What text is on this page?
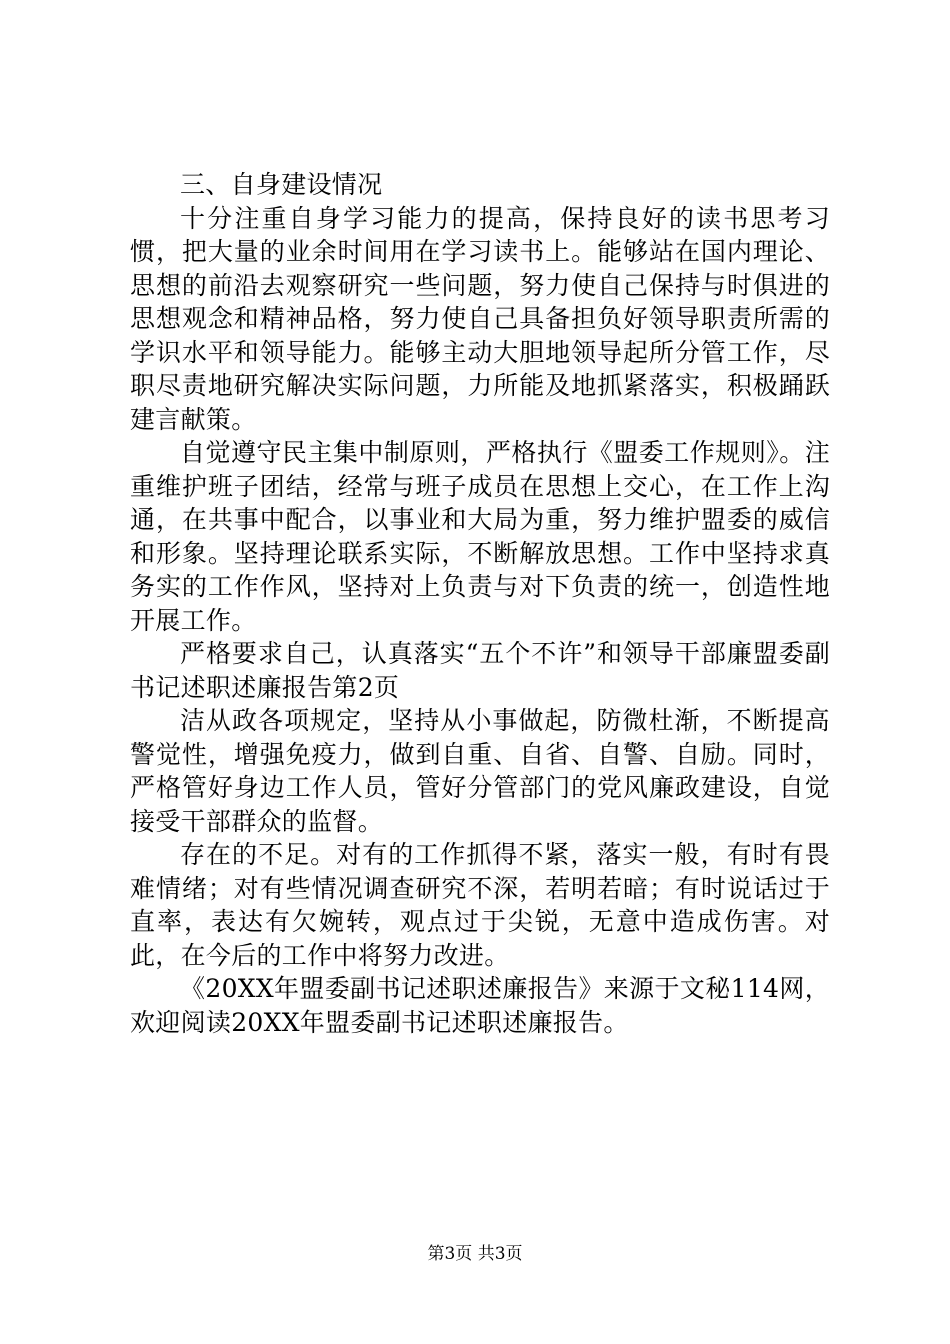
三、自身建设情况

十分注重自身学习能力的提高，保持良好的读书思考习惯，把大量的业余时间用在学习读书上。能够站在国内理论、思想的前沿去观察研究一些问题，努力使自己保持与时俱进的思想观念和精神品格，努力使自己具备担负好领导职责所需的学识水平和领导能力。能够主动大胆地领导起所分管工作，尽职尽责地研究解决实际问题，力所能及地抓紧落实，积极踊跃建言献策。

自觉遵守民主集中制原则，严格执行《盟委工作规则》。注重维护班子团结，经常与班子成员在思想上交心，在工作上沟通，在共事中配合，以事业和大局为重，努力维护盟委的威信和形象。坚持理论联系实际，不断解放思想。工作中坚持求真务实的工作作风，坚持对上负责与对下负责的统一，创造性地开展工作。

严格要求自己，认真落实“五个不许”和领导干部廉盟委副书记述职述廉报告第2页

洁从政各项规定，坚持从小事做起，防微杜渐，不断提高警觉性，增强免疫力，做到自重、自省、自警、自励。同时，严格管好身边工作人员，管好分管部门的党风廉政建设，自觉接受干部群众的监督。

存在的不足。对有的工作抓得不紧，落实一般，有时有畏难情绪；对有些情况调查研究不深，若明若暗；有时说话过于直率，表达有欠婉转，观点过于尖锐，无意中造成伤害。对此，在今后的工作中将努力改进。

《20XX年盟委副书记述职述廉报告》来源于文秘114网，欢迎阅读20XX年盟委副书记述职述廉报告。

第3页 共3页
